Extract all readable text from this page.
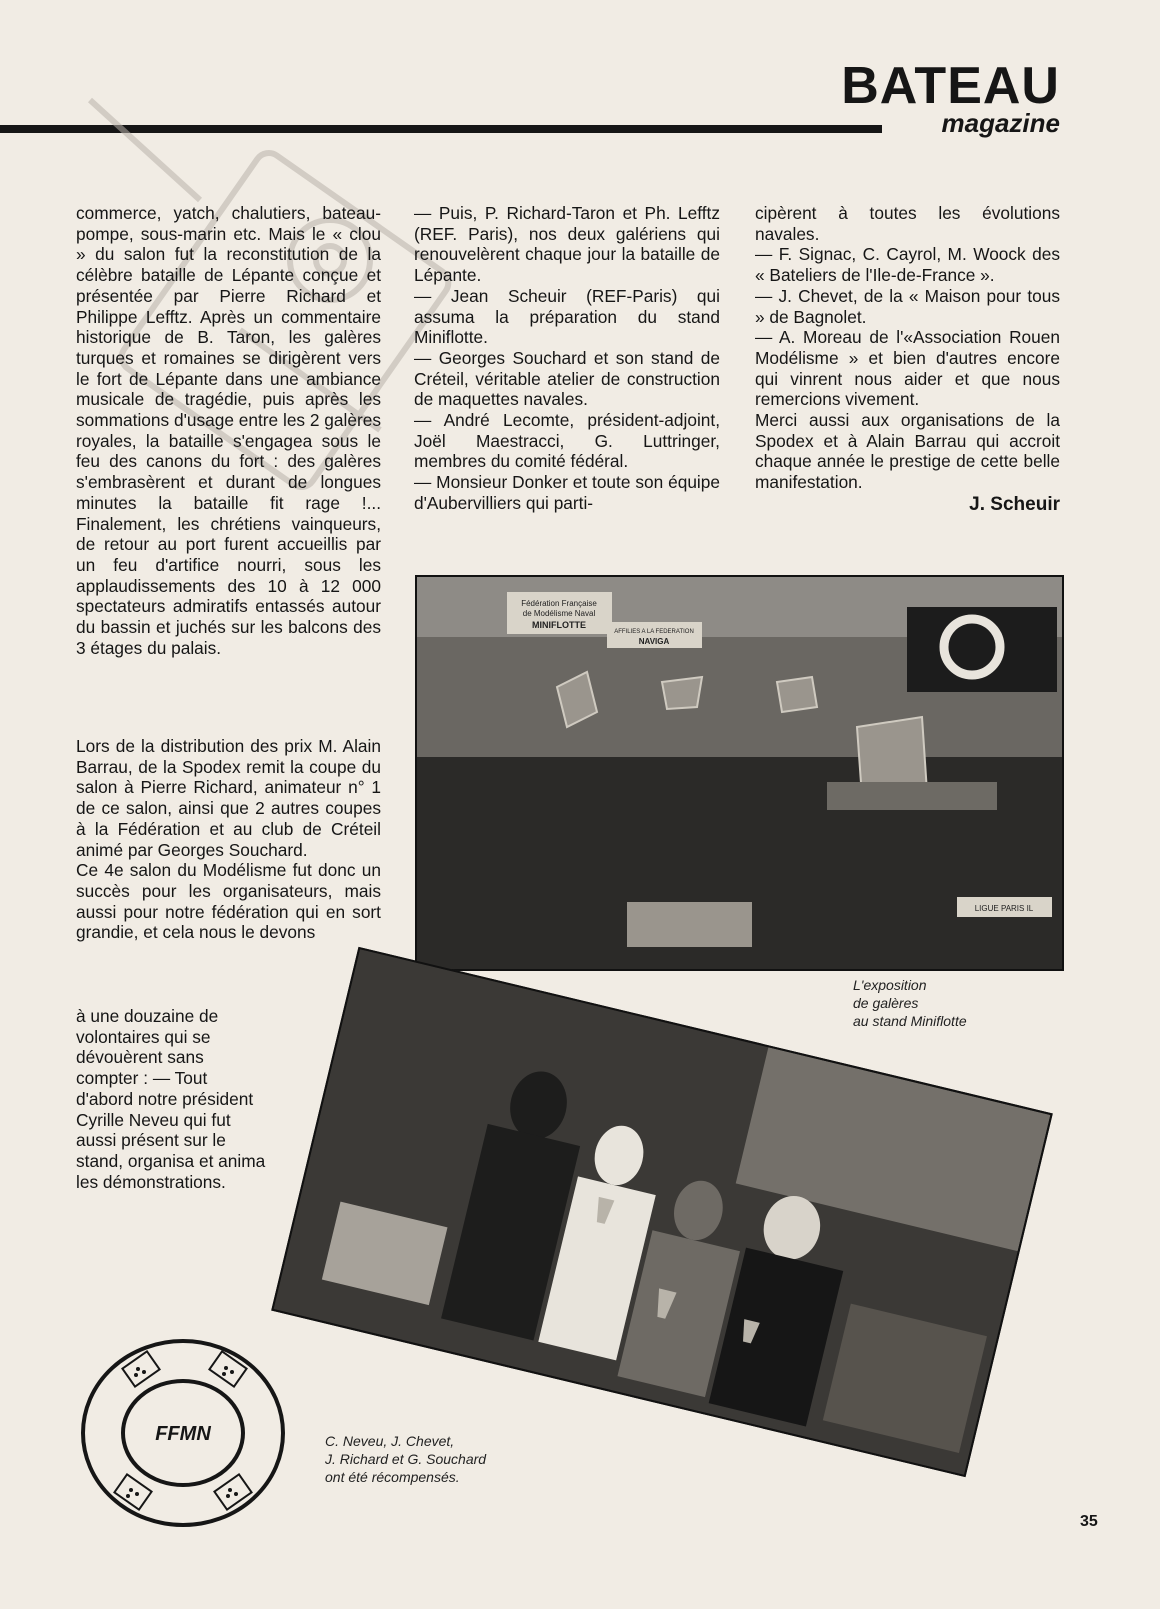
BATEAU
magazine

commerce, yatch, chalutiers, bateau-pompe, sous-marin etc. Mais le « clou » du salon fut la reconstitution de la célèbre bataille de Lépante conçue et présentée par Pierre Richard et Philippe Lefftz. Après un commentaire historique de B. Taron, les galères turques et romaines se dirigèrent vers le fort de Lépante dans une ambiance musicale de tragédie, puis après les sommations d'usage entre les 2 galères royales, la bataille s'engagea sous le feu des canons du fort : des galères s'embrasèrent et durant de longues minutes la bataille fit rage !... Finalement, les chrétiens vainqueurs, de retour au port furent accueillis par un feu d'artifice nourri, sous les applaudissements des 10 à 12 000 spectateurs admiratifs entassés autour du bassin et juchés sur les balcons des 3 étages du palais.

Lors de la distribution des prix M. Alain Barrau, de la Spodex remit la coupe du salon à Pierre Richard, animateur n° 1 de ce salon, ainsi que 2 autres coupes à la Fédération et au club de Créteil animé par Georges Souchard.

Ce 4e salon du Modélisme fut donc un succès pour les organisateurs, mais aussi pour notre fédération qui en sort grandie, et cela nous le devons

à une douzaine de volontaires qui se dévouèrent sans compter : — Tout d'abord notre président Cyrille Neveu qui fut aussi présent sur le stand, organisa et anima les démonstrations.

— Puis, P. Richard-Taron et Ph. Lefftz (REF. Paris), nos deux galériens qui renouvelèrent chaque jour la bataille de Lépante.

— Jean Scheuir (REF-Paris) qui assuma la préparation du stand Miniflotte.

— Georges Souchard et son stand de Créteil, véritable atelier de construction de maquettes navales.

— André Lecomte, président-adjoint, Joël Maestracci, G. Luttringer, membres du comité fédéral.

— Monsieur Donker et toute son équipe d'Aubervilliers qui parti-

cipèrent à toutes les évolutions navales.

— F. Signac, C. Cayrol, M. Woock des « Bateliers de l'Ile-de-France ».

— J. Chevet, de la « Maison pour tous » de Bagnolet.

— A. Moreau de l'«Association Rouen Modélisme » et bien d'autres encore qui vinrent nous aider et que nous remercions vivement.

Merci aussi aux organisations de la Spodex et à Alain Barrau qui accroit chaque année le prestige de cette belle manifestation.

J. Scheuir
Fédération Française
de Modélisme Naval
MINIFLOTTE
AFFILIES A LA FEDERATION
NAVIGA
LIGUE PARIS IL
L'exposition
de galères
au stand Miniflotte
C. Neveu, J. Chevet,
J. Richard et G. Souchard
ont été récompensés.
FFMN
35
